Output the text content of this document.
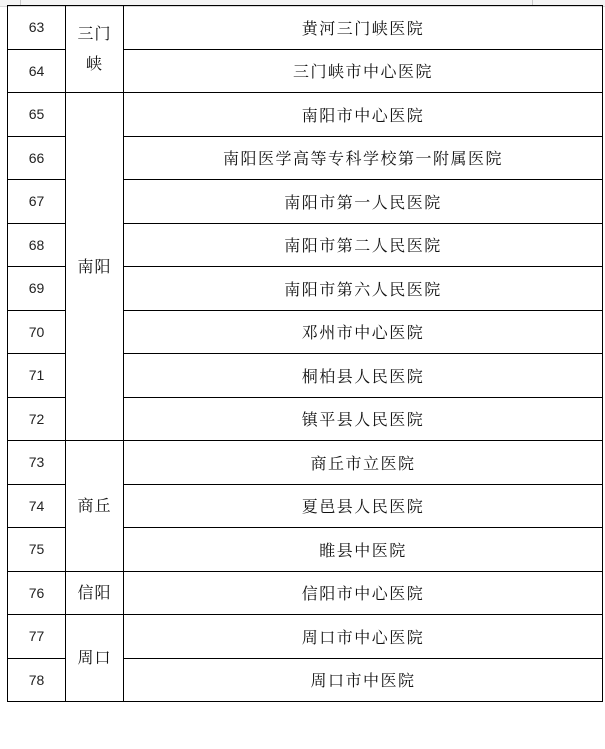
63	三门峡	黄河三门峡医院
64		三门峡市中心医院
65	南阳	南阳市中心医院
66		南阳医学高等专科学校第一附属医院
67		南阳市第一人民医院
68		南阳市第二人民医院
69		南阳市第六人民医院
70		邓州市中心医院
71		桐柏县人民医院
72		镇平县人民医院
73	商丘	商丘市立医院
74		夏邑县人民医院
75		睢县中医院
76	信阳	信阳市中心医院
77	周口	周口市中心医院
78		周口市中医院
